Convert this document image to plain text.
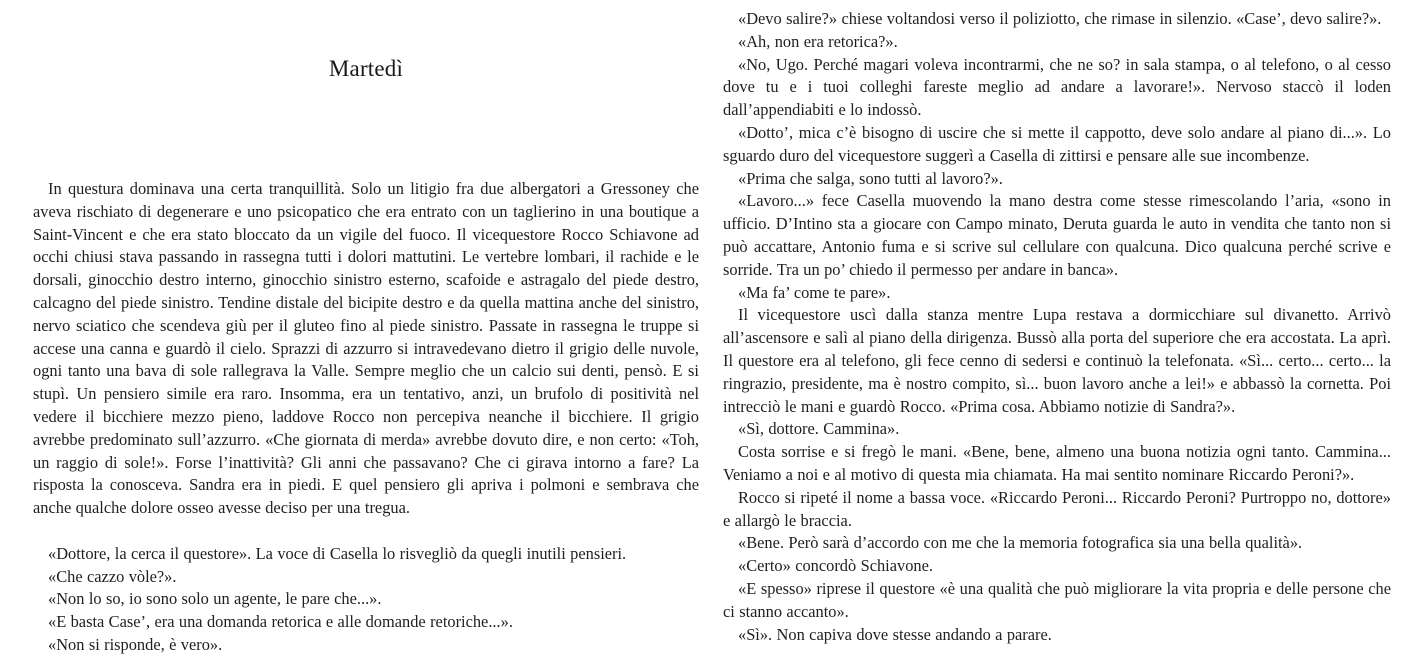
Martedì

In questura dominava una certa tranquillità. Solo un litigio fra due albergatori a Gressoney che aveva rischiato di degenerare e uno psicopatico che era entrato con un taglierino in una boutique a Saint-Vincent e che era stato bloccato da un vigile del fuoco. Il vicequestore Rocco Schiavone ad occhi chiusi stava passando in rassegna tutti i dolori mattutini. Le vertebre lombari, il rachide e le dorsali, ginocchio destro interno, ginocchio sinistro esterno, scafoide e astragalo del piede destro, calcagno del piede sinistro. Tendine distale del bicipite destro e da quella mattina anche del sinistro, nervo sciatico che scendeva giù per il gluteo fino al piede sinistro. Passate in rassegna le truppe si accese una canna e guardò il cielo. Sprazzi di azzurro si intravedevano dietro il grigio delle nuvole, ogni tanto una bava di sole rallegrava la Valle. Sempre meglio che un calcio sui denti, pensò. E si stupì. Un pensiero simile era raro. Insomma, era un tentativo, anzi, un brufolo di positività nel vedere il bicchiere mezzo pieno, laddove Rocco non percepiva neanche il bicchiere. Il grigio avrebbe predominato sull’azzurro. «Che giornata di merda» avrebbe dovuto dire, e non certo: «Toh, un raggio di sole!». Forse l’inattività? Gli anni che passavano? Che ci girava intorno a fare? La risposta la conosceva. Sandra era in piedi. E quel pensiero gli apriva i polmoni e sembrava che anche qualche dolore osseo avesse deciso per una tregua.

«Dottore, la cerca il questore». La voce di Casella lo risvegliò da quegli inutili pensieri.

«Che cazzo vòle?».

«Non lo so, io sono solo un agente, le pare che...».

«E basta Case’, era una domanda retorica e alle domande retoriche...».

«Non si risponde, è vero».

«Devo salire?» chiese voltandosi verso il poliziotto, che rimase in silenzio. «Case’, devo salire?».

«Ah, non era retorica?».

«No, Ugo. Perché magari voleva incontrarmi, che ne so? in sala stampa, o al telefono, o al cesso dove tu e i tuoi colleghi fareste meglio ad andare a lavorare!». Nervoso staccò il loden dall’appendiabiti e lo indossò.

«Dotto’, mica c’è bisogno di uscire che si mette il cappotto, deve solo andare al piano di...». Lo sguardo duro del vicequestore suggerì a Casella di zittirsi e pensare alle sue incombenze.

«Prima che salga, sono tutti al lavoro?».

«Lavoro...» fece Casella muovendo la mano destra come stesse rimescolando l’aria, «sono in ufficio. D’Intino sta a giocare con Campo minato, Deruta guarda le auto in vendita che tanto non si può accattare, Antonio fuma e si scrive sul cellulare con qualcuna. Dico qualcuna perché scrive e sorride. Tra un po’ chiedo il permesso per andare in banca».

«Ma fa’ come te pare».

Il vicequestore uscì dalla stanza mentre Lupa restava a dormicchiare sul divanetto. Arrivò all’ascensore e salì al piano della dirigenza. Bussò alla porta del superiore che era accostata. La aprì. Il questore era al telefono, gli fece cenno di sedersi e continuò la telefonata. «Sì... certo... certo... la ringrazio, presidente, ma è nostro compito, sì... buon lavoro anche a lei!» e abbassò la cornetta. Poi intrecciò le mani e guardò Rocco. «Prima cosa. Abbiamo notizie di Sandra?».

«Sì, dottore. Cammina».

Costa sorrise e si fregò le mani. «Bene, bene, almeno una buona notizia ogni tanto. Cammina... Veniamo a noi e al motivo di questa mia chiamata. Ha mai sentito nominare Riccardo Peroni?».

Rocco si ripeté il nome a bassa voce. «Riccardo Peroni... Riccardo Peroni? Purtroppo no, dottore» e allargò le braccia.

«Bene. Però sarà d’accordo con me che la memoria fotografica sia una bella qualità».

«Certo» concordò Schiavone.

«E spesso» riprese il questore «è una qualità che può migliorare la vita propria e delle persone che ci stanno accanto».

«Sì». Non capiva dove stesse andando a parare.
